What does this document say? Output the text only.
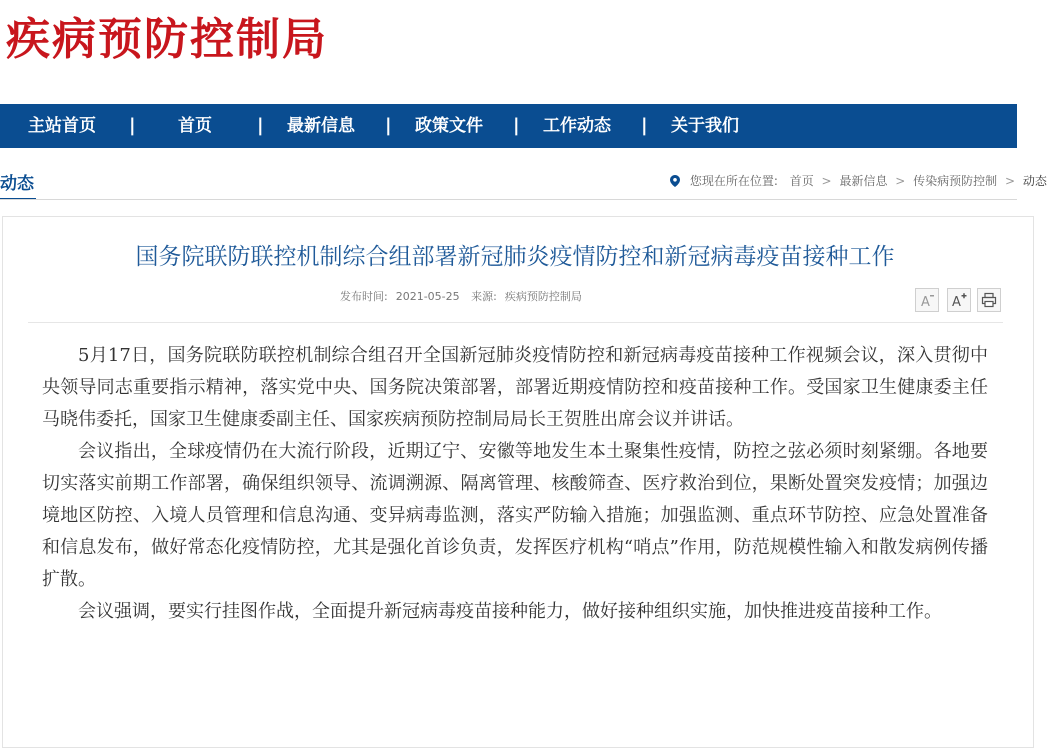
疾病预防控制局
主站首页 | 首页	| 最新信息 | 政策文件 | 工作动态 | 关于我们
动态	您现在所在位置: 首页 > 最新信息 > 传染病预防控制 > 动态
国务院联防联控机制综合组部署新冠肺炎疫情防控和新冠病毒疫苗接种工作
发布时间: 2021-05-25 来源: 疾病预防控制局	A A

5月17日，国务院联防联控机制综合组召开全国新冠肺炎疫情防控和新冠病毒疫苗接种工作视频会议，深入贯彻中央领导同志重要指示精神，落实党中央、国务院决策部署，部署近期疫情防控和疫苗接种工作。受国家卫生健康委主任马晓伟委托，国家卫生健康委副主任、国家疾病预防控制局局长王贺胜出席会议并讲话。

会议指出，全球疫情仍在大流行阶段，近期辽宁、安徽等地发生本土聚集性疫情，防控之弦必须时刻紧绷。各地要切实落实前期工作部署，确保组织领导、流调溯源、隔离管理、核酸筛查、医疗救治到位，果断处置突发疫情；加强边境地区防控、入境人员管理和信息沟通、变异病毒监测，落实严防输入措施；加强监测、重点环节防控、应急处置准备和信息发布，做好常态化疫情防控，尤其是强化首诊负责，发挥医疗机构“哨点”作用，防范规模性输入和散发病例传播扩散。

会议强调，要实行挂图作战，全面提升新冠病毒疫苗接种能力，做好接种组织实施，加快推进疫苗接种工作。
